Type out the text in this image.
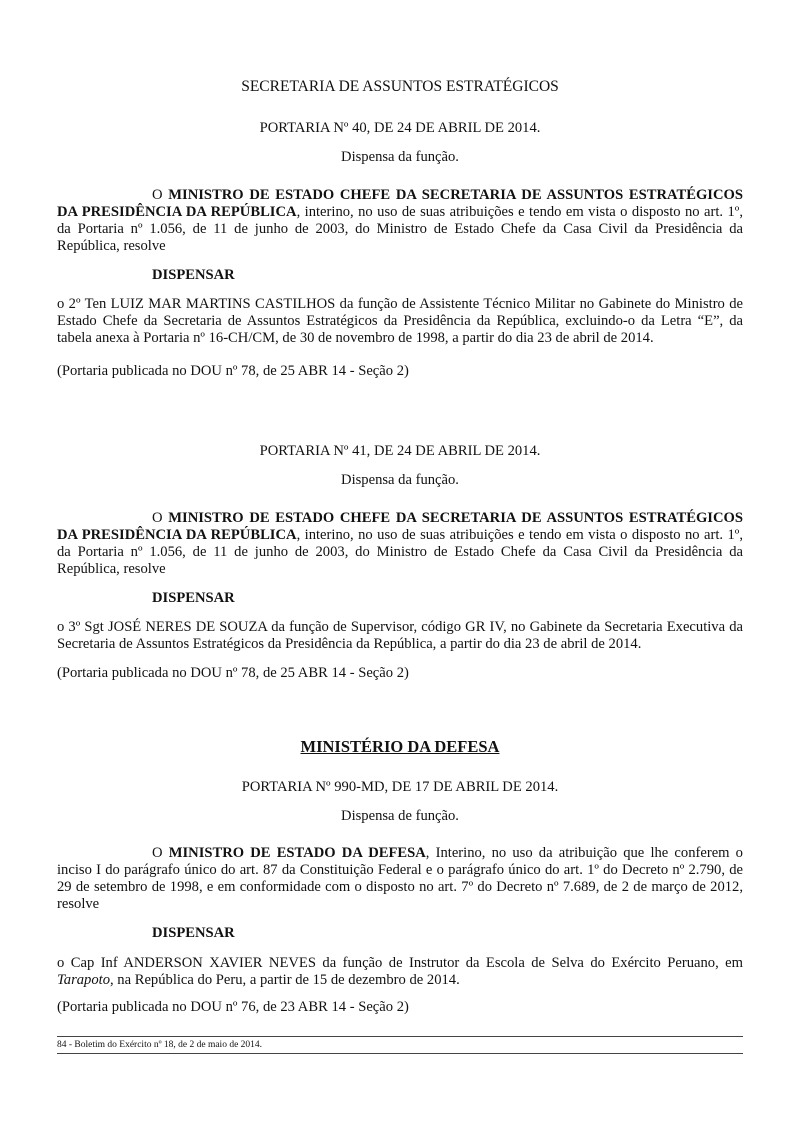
SECRETARIA DE ASSUNTOS ESTRATÉGICOS

PORTARIA Nº 40, DE 24 DE ABRIL DE 2014.

Dispensa da função.

O MINISTRO DE ESTADO CHEFE DA SECRETARIA DE ASSUNTOS ESTRATÉGICOS DA PRESIDÊNCIA DA REPÚBLICA, interino, no uso de suas atribuições e tendo em vista o disposto no art. 1º, da Portaria nº 1.056, de 11 de junho de 2003, do Ministro de Estado Chefe da Casa Civil da Presidência da República, resolve

DISPENSAR

o 2º Ten LUIZ MAR MARTINS CASTILHOS da função de Assistente Técnico Militar no Gabinete do Ministro de Estado Chefe da Secretaria de Assuntos Estratégicos da Presidência da República, excluindo-o da Letra “E”, da tabela anexa à Portaria nº 16-CH/CM, de 30 de novembro de 1998, a partir do dia 23 de abril de 2014.

(Portaria publicada no DOU nº 78, de 25 ABR 14 - Seção 2)

PORTARIA Nº 41, DE 24 DE ABRIL DE 2014.

Dispensa da função.

O MINISTRO DE ESTADO CHEFE DA SECRETARIA DE ASSUNTOS ESTRATÉGICOS DA PRESIDÊNCIA DA REPÚBLICA, interino, no uso de suas atribuições e tendo em vista o disposto no art. 1º, da Portaria nº 1.056, de 11 de junho de 2003, do Ministro de Estado Chefe da Casa Civil da Presidência da República, resolve

DISPENSAR

o 3º Sgt JOSÉ NERES DE SOUZA da função de Supervisor, código GR IV, no Gabinete da Secretaria Executiva da Secretaria de Assuntos Estratégicos da Presidência da República, a partir do dia 23 de abril de 2014.

(Portaria publicada no DOU nº 78, de 25 ABR 14 - Seção 2)

MINISTÉRIO DA DEFESA

PORTARIA Nº 990-MD, DE 17 DE ABRIL DE 2014.

Dispensa de função.

O MINISTRO DE ESTADO DA DEFESA, Interino, no uso da atribuição que lhe conferem o inciso I do parágrafo único do art. 87 da Constituição Federal e o parágrafo único do art. 1º do Decreto nº 2.790, de 29 de setembro de 1998, e em conformidade com o disposto no art. 7º do Decreto nº 7.689, de 2 de março de 2012, resolve

DISPENSAR

o Cap Inf ANDERSON XAVIER NEVES da função de Instrutor da Escola de Selva do Exército Peruano, em Tarapoto, na República do Peru, a partir de 15 de dezembro de 2014.

(Portaria publicada no DOU nº 76, de 23 ABR 14 - Seção 2)

84 - Boletim do Exército nº 18, de 2 de maio de 2014.
